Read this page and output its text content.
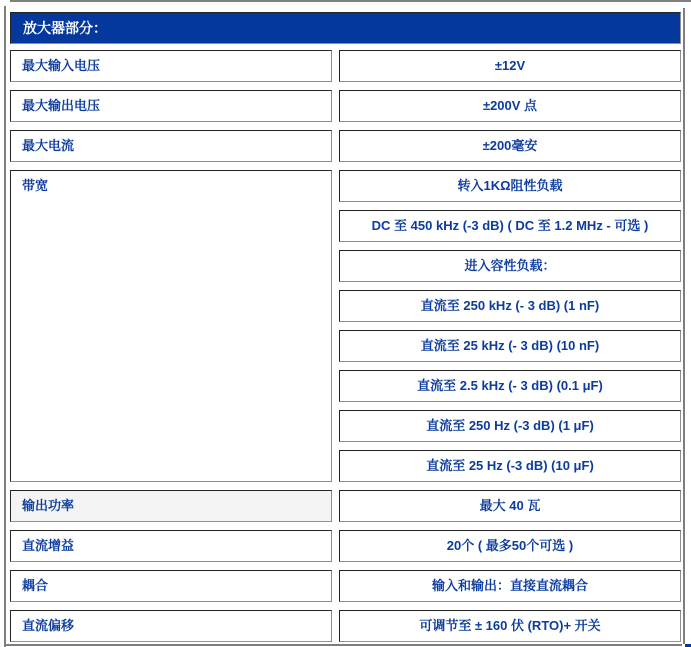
放大器部分：
最大输入电压	±12V
最大输出电压	±200V 点
最大电流	±200毫安
带宽	转入1KΩ阻性负载
DC 至 450 kHz (-3 dB) ( DC 至 1.2 MHz - 可选 )
进入容性负载：
直流至 250 kHz (- 3 dB) (1 nF)
直流至 25 kHz (- 3 dB) (10 nF)
直流至 2.5 kHz (- 3 dB) (0.1 μF)
直流至 250 Hz (-3 dB) (1 μF)
直流至 25 Hz (-3 dB) (10 μF)
输出功率	最大 40 瓦
直流增益	20个 ( 最多50个可选 )
耦合	输入和输出：直接直流耦合
直流偏移	可调节至 ± 160 伏 (RTO)+ 开关
